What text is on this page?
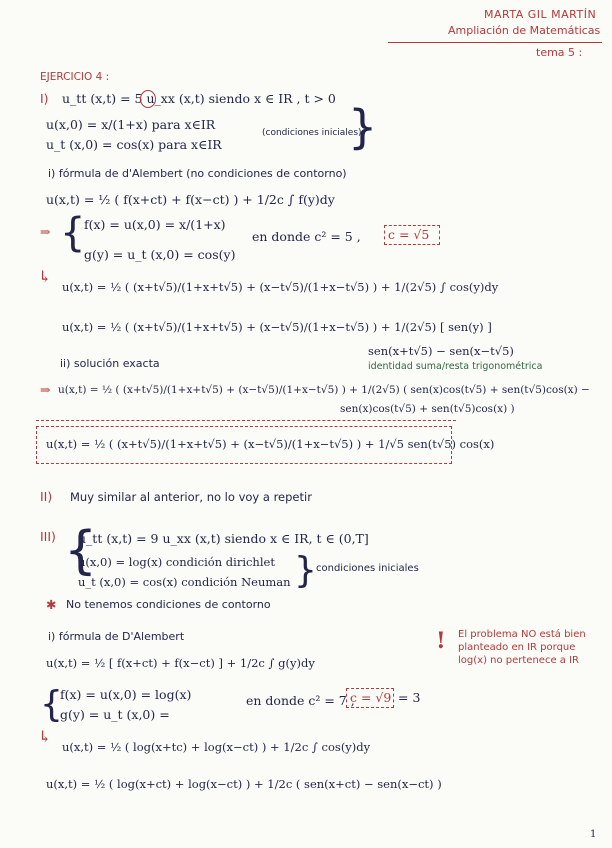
MARTA GIL MARTÍN
Ampliación de Matemáticas
tema 5 :
EJERCICIO 4 :
I) u_tt (x,t) = 5 u_xx (x,t) siendo x ∈ IR , t > 0
u(x,0) = x/(1+x) para x∈IR
u_t (x,0) = cos(x) para x∈IR
(condiciones iniciales)
}
i) fórmula de d'Alembert (no condiciones de contorno)
u(x,t) = ½ ( f(x+ct) + f(x−ct) ) + 1/2c ∫ f(y)dy
⇒ {
f(x) = u(x,0) = x/(1+x)
g(y) = u_t (x,0) = cos(y)
en donde c² = 5 , c = √5
↳
u(x,t) = ½ ( (x+t√5)/(1+x+t√5) + (x−t√5)/(1+x−t√5) ) + 1/(2√5) ∫ cos(y)dy
u(x,t) = ½ ( (x+t√5)/(1+x+t√5) + (x−t√5)/(1+x−t√5) ) + 1/(2√5) [ sen(y) ]
sen(x+t√5) − sen(x−t√5)
ii) solución exacta	identidad suma/resta trigonométrica
⇒ u(x,t) = ½ ( (x+t√5)/(1+x+t√5) + (x−t√5)/(1+x−t√5) ) + 1/(2√5) ( sen(x)cos(t√5) + sen(t√5)cos(x) −
sen(x)cos(t√5) + sen(t√5)cos(x) )
u(x,t) = ½ ( (x+t√5)/(1+x+t√5) + (x−t√5)/(1+x−t√5) ) + 1/√5 sen(t√5) cos(x)
II) Muy similar al anterior, no lo voy a repetir
III) {
u_tt (x,t) = 9 u_xx (x,t) siendo x ∈ IR, t ∈ (0,T]
u(x,0) = log(x) condición dirichlet
u_t (x,0) = cos(x) condición Neuman } condiciones iniciales
✱ No tenemos condiciones de contorno
i) fórmula de D'Alembert
u(x,t) = ½ [ f(x+ct) + f(x−ct) ] + 1/2c ∫ g(y)dy
! El problema NO está bien planteado en IR porque log(x) no pertenece a IR
{
f(x) = u(x,0) = log(x)
g(y) = u_t (x,0) =
en donde c² = 7 ,
c = √9 = 3
↳
u(x,t) = ½ ( log(x+tc) + log(x−ct) ) + 1/2c ∫ cos(y)dy
u(x,t) = ½ ( log(x+ct) + log(x−ct) ) + 1/2c ( sen(x+ct) − sen(x−ct) )
1
